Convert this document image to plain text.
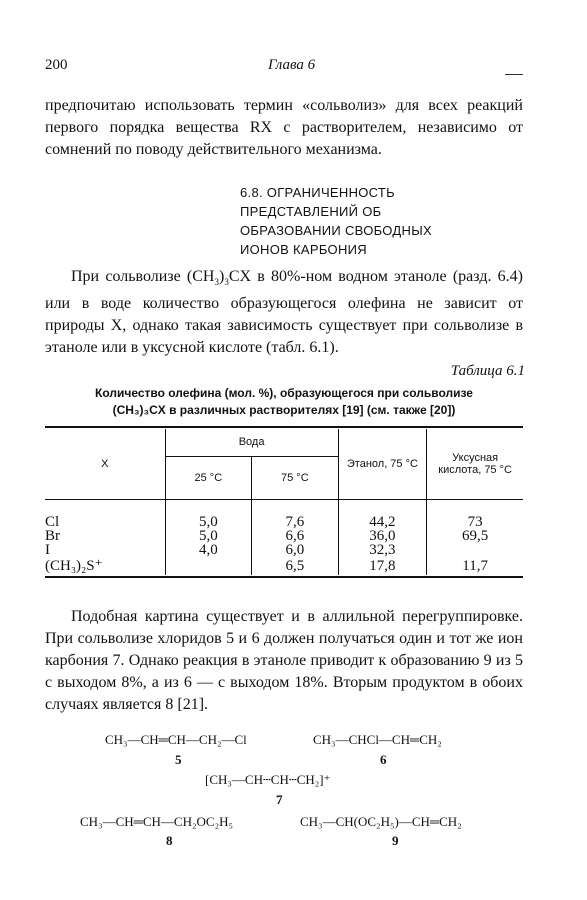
200	Глава 6
предпочитаю использовать термин «сольволиз» для всех реакций первого порядка вещества RX с растворителем, независимо от сомнений по поводу действительного механизма.
6.8. ОГРАНИЧЕННОСТЬ
ПРЕДСТАВЛЕНИЙ ОБ
ОБРАЗОВАНИИ СВОБОДНЫХ
ИОНОВ КАРБОНИЯ
При сольволизе $(CH_3)_3CX$ в 80%-ном водном этаноле (разд. 6.4) или в воде количество образующегося олефина не зависит от природы X, однако такая зависимость существует при сольволизе в этаноле или в уксусной кислоте (табл. 6.1).
Таблица 6.1
Количество олефина (мол. %), образующегося при сольволизе
(CH₃)₃CX в различных растворителях [19] (см. также [20])

X	Вода		Этанол, 75 °C	Уксусная кислота, 75 °C
	25 °C	75 °C		

Cl	5,0	7,6	44,2	73
Br	5,0	6,6	36,0	69,5
I	4,0	6,0	32,3	
(CH₃)₂S⁺		6,5	17,8	11,7

Подобная картина существует и в аллильной перегруппировке. При сольволизе хлоридов 5 и 6 должен получаться один и тот же ион карбония 7. Однако реакция в этаноле приводит к образованию 9 из 5 с выходом 8%, а из 6 — с выходом 18%. Вторым продуктом в обоих случаях является 8 [21].
CH₃—CH═CH—CH₂—Cl
5
CH₃—CHCl—CH═CH₂
6
[CH₃—CH┄CH┄CH₂]⁺
7
CH₃—CH═CH—CH₂OC₂H₅
8
CH₃—CH(OC₂H₅)—CH═CH₂
9
